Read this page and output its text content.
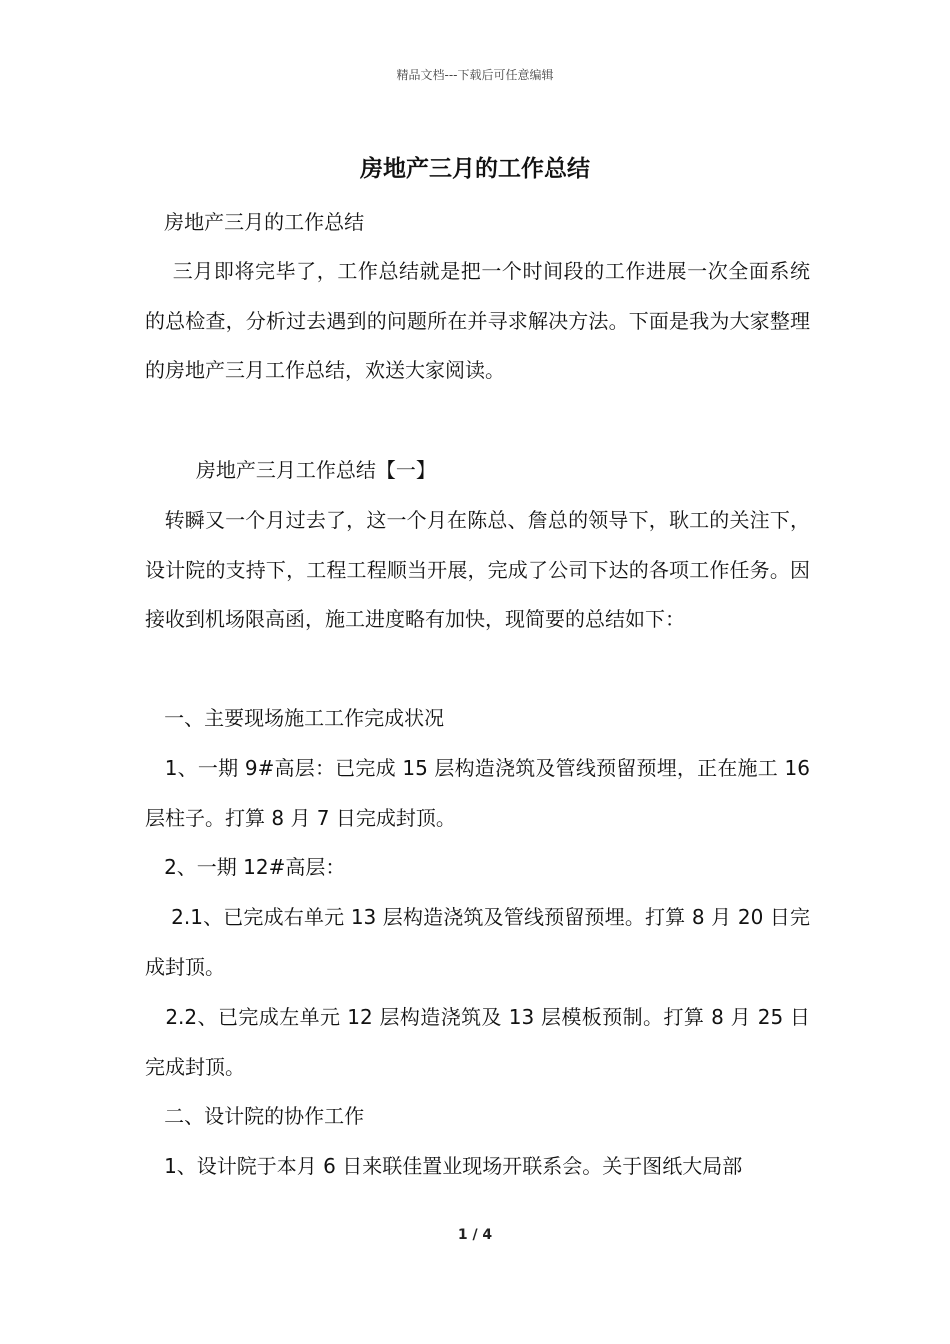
精品文档---下载后可任意编辑
房地产三月的工作总结
房地产三月的工作总结
三月即将完毕了，工作总结就是把一个时间段的工作进展一次全面系统的总检查，分析过去遇到的问题所在并寻求解决方法。下面是我为大家整理的房地产三月工作总结，欢送大家阅读。
房地产三月工作总结【一】
转瞬又一个月过去了，这一个月在陈总、詹总的领导下，耿工的关注下，设计院的支持下，工程工程顺当开展，完成了公司下达的各项工作任务。因接收到机场限高函，施工进度略有加快，现简要的总结如下：
一、主要现场施工工作完成状况
1、一期 9#高层：已完成 15 层构造浇筑及管线预留预埋，正在施工 16 层柱子。打算 8 月 7 日完成封顶。
2、一期 12#高层：
2.1、已完成右单元 13 层构造浇筑及管线预留预埋。打算 8 月 20 日完成封顶。
2.2、已完成左单元 12 层构造浇筑及 13 层模板预制。打算 8 月 25 日完成封顶。
二、设计院的协作工作
1、设计院于本月 6 日来联佳置业现场开联系会。关于图纸大局部
1 / 4
